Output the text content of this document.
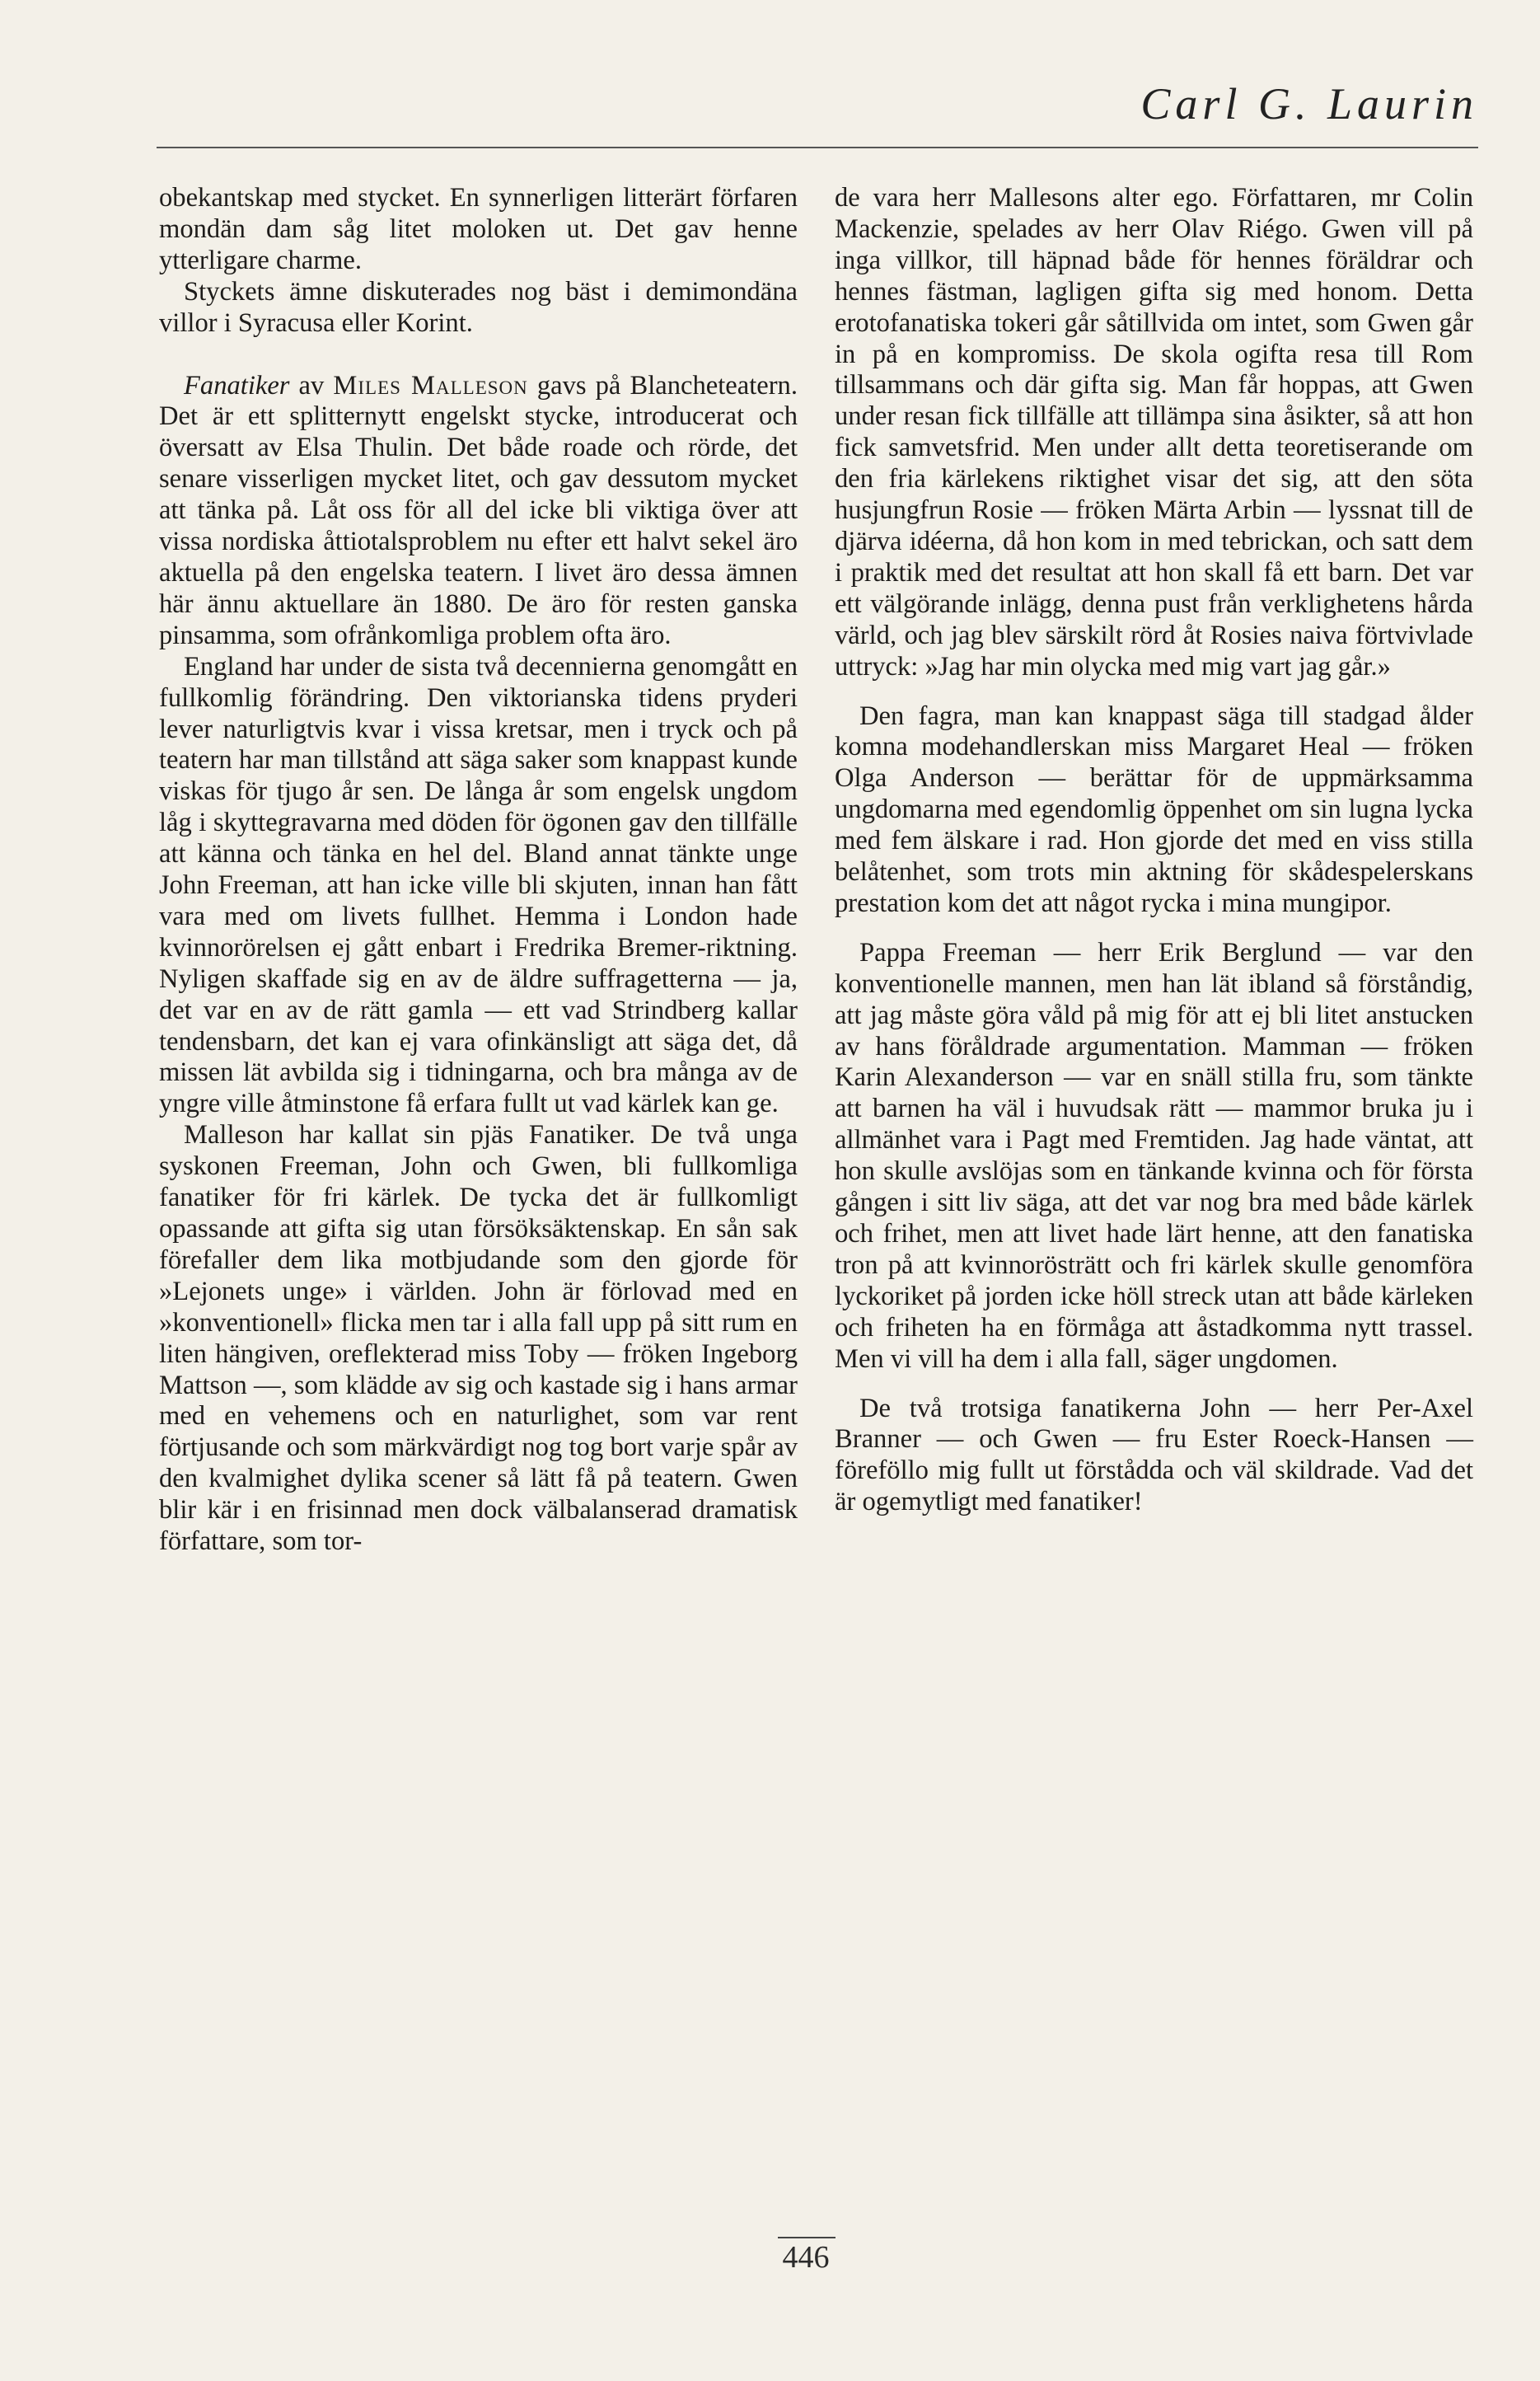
Carl G. Laurin

obekantskap med stycket. En synnerligen litterärt förfaren mondän dam såg litet moloken ut. Det gav henne ytterligare charme.

Styckets ämne diskuterades nog bäst i demimondäna villor i Syracusa eller Korint.

Fanatiker av Miles Malleson gavs på Blancheteatern. Det är ett splitternytt engelskt stycke, introducerat och översatt av Elsa Thulin. Det både roade och rörde, det senare visserligen mycket litet, och gav dessutom mycket att tänka på. Låt oss för all del icke bli viktiga över att vissa nordiska åttiotalsproblem nu efter ett halvt sekel äro aktuella på den engelska teatern. I livet äro dessa ämnen här ännu aktuellare än 1880. De äro för resten ganska pinsamma, som ofrånkomliga problem ofta äro.

England har under de sista två decennierna genomgått en fullkomlig förändring. Den viktorianska tidens pryderi lever naturligtvis kvar i vissa kretsar, men i tryck och på teatern har man tillstånd att säga saker som knappast kunde viskas för tjugo år sen. De långa år som engelsk ungdom låg i skyttegravarna med döden för ögonen gav den tillfälle att känna och tänka en hel del. Bland annat tänkte unge John Freeman, att han icke ville bli skjuten, innan han fått vara med om livets fullhet. Hemma i London hade kvinnorörelsen ej gått enbart i Fredrika Bremer-riktning. Nyligen skaffade sig en av de äldre suffragetterna — ja, det var en av de rätt gamla — ett vad Strindberg kallar tendensbarn, det kan ej vara ofinkänsligt att säga det, då missen lät avbilda sig i tidningarna, och bra många av de yngre ville åtminstone få erfara fullt ut vad kärlek kan ge.

Malleson har kallat sin pjäs Fanatiker. De två unga syskonen Freeman, John och Gwen, bli fullkomliga fanatiker för fri kärlek. De tycka det är fullkomligt opassande att gifta sig utan försöksäktenskap. En sån sak förefaller dem lika motbjudande som den gjorde för »Lejonets unge» i världen. John är förlovad med en »konventionell» flicka men tar i alla fall upp på sitt rum en liten hängiven, oreflekterad miss Toby — fröken Ingeborg Mattson —, som klädde av sig och kastade sig i hans armar med en vehemens och en naturlighet, som var rent förtjusande och som märkvärdigt nog tog bort varje spår av den kvalmighet dylika scener så lätt få på teatern. Gwen blir kär i en frisinnad men dock välbalanserad dramatisk författare, som tor-

de vara herr Mallesons alter ego. Författaren, mr Colin Mackenzie, spelades av herr Olav Riégo. Gwen vill på inga villkor, till häpnad både för hennes föräldrar och hennes fästman, lagligen gifta sig med honom. Detta erotofanatiska tokeri går såtillvida om intet, som Gwen går in på en kompromiss. De skola ogifta resa till Rom tillsammans och där gifta sig. Man får hoppas, att Gwen under resan fick tillfälle att tillämpa sina åsikter, så att hon fick samvetsfrid. Men under allt detta teoretiserande om den fria kärlekens riktighet visar det sig, att den söta husjungfrun Rosie — fröken Märta Arbin — lyssnat till de djärva idéerna, då hon kom in med tebrickan, och satt dem i praktik med det resultat att hon skall få ett barn. Det var ett välgörande inlägg, denna pust från verklighetens hårda värld, och jag blev särskilt rörd åt Rosies naiva förtvivlade uttryck: »Jag har min olycka med mig vart jag går.»

Den fagra, man kan knappast säga till stadgad ålder komna modehandlerskan miss Margaret Heal — fröken Olga Anderson — berättar för de uppmärksamma ungdomarna med egendomlig öppenhet om sin lugna lycka med fem älskare i rad. Hon gjorde det med en viss stilla belåtenhet, som trots min aktning för skådespelerskans prestation kom det att något rycka i mina mungipor.

Pappa Freeman — herr Erik Berglund — var den konventionelle mannen, men han lät ibland så förståndig, att jag måste göra våld på mig för att ej bli litet anstucken av hans föråldrade argumentation. Mamman — fröken Karin Alexanderson — var en snäll stilla fru, som tänkte att barnen ha väl i huvudsak rätt — mammor bruka ju i allmänhet vara i Pagt med Fremtiden. Jag hade väntat, att hon skulle avslöjas som en tänkande kvinna och för första gången i sitt liv säga, att det var nog bra med både kärlek och frihet, men att livet hade lärt henne, att den fanatiska tron på att kvinnorösträtt och fri kärlek skulle genomföra lyckoriket på jorden icke höll streck utan att både kärleken och friheten ha en förmåga att åstadkomma nytt trassel. Men vi vill ha dem i alla fall, säger ungdomen.

De två trotsiga fanatikerna John — herr Per-Axel Branner — och Gwen — fru Ester Roeck-Hansen — föreföllo mig fullt ut förstådda och väl skildrade. Vad det är ogemytligt med fanatiker!

446
